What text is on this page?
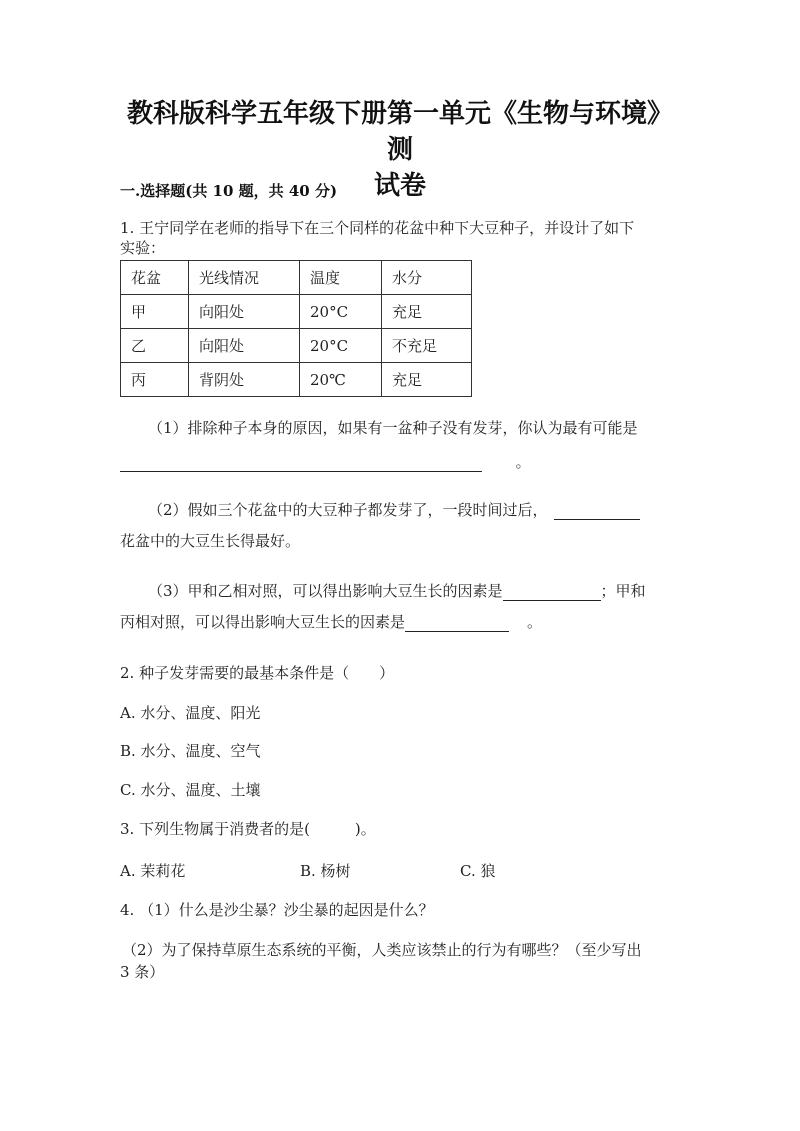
教科版科学五年级下册第一单元《生物与环境》测
试卷
一.选择题(共 10 题，共 40 分)
1. 王宁同学在老师的指导下在三个同样的花盆中种下大豆种子，并设计了如下
实验：
花盆	光线情况	温度	水分
甲	向阳处	20°C	充足
乙	向阳处	20°C	不充足
丙	背阴处	20℃	充足
（1）排除种子本身的原因，如果有一盆种子没有发芽，你认为最有可能是
。
（2）假如三个花盆中的大豆种子都发芽了，一段时间过后，
花盆中的大豆生长得最好。
（3）甲和乙相对照，可以得出影响大豆生长的因素是	；甲和
丙相对照，可以得出影响大豆生长的因素是	。
2. 种子发芽需要的最基本条件是（　　）
A. 水分、温度、阳光
B. 水分、温度、空气
C. 水分、温度、土壤
3. 下列生物属于消费者的是(　　　)。
A. 茉莉花	B. 杨树	C. 狼
4. （1）什么是沙尘暴？沙尘暴的起因是什么？
（2）为了保持草原生态系统的平衡，人类应该禁止的行为有哪些？（至少写出
3 条）
